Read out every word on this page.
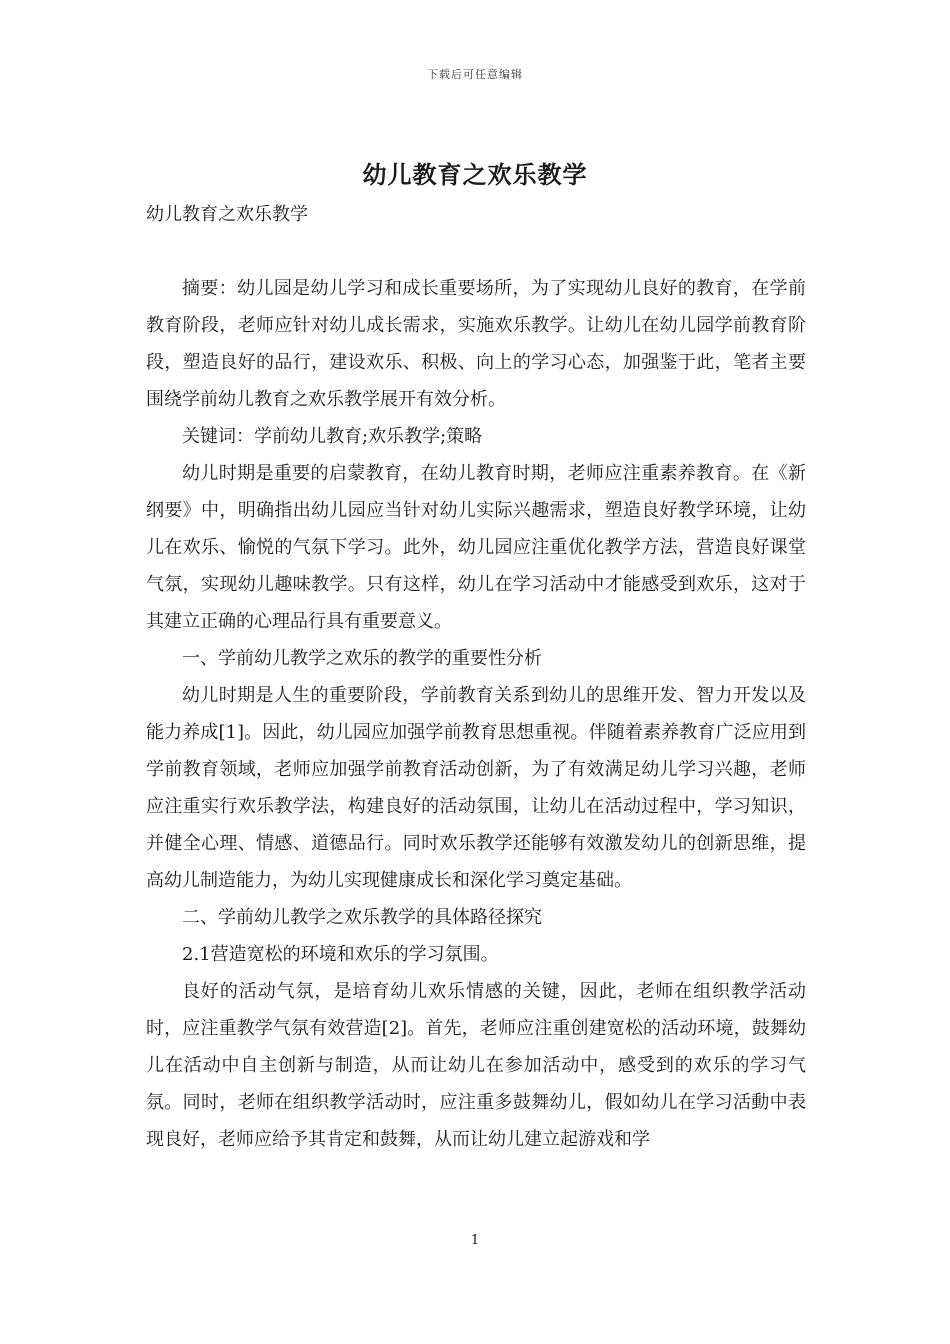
下载后可任意编辑
幼儿教育之欢乐教学
幼儿教育之欢乐教学

摘要：幼儿园是幼儿学习和成长重要场所，为了实现幼儿良好的教育，在学前教育阶段，老师应针对幼儿成长需求，实施欢乐教学。让幼儿在幼儿园学前教育阶段，塑造良好的品行，建设欢乐、积极、向上的学习心态，加强鉴于此，笔者主要围绕学前幼儿教育之欢乐教学展开有效分析。

关键词：学前幼儿教育;欢乐教学;策略

幼儿时期是重要的启蒙教育，在幼儿教育时期，老师应注重素养教育。在《新纲要》中，明确指出幼儿园应当针对幼儿实际兴趣需求，塑造良好教学环境，让幼儿在欢乐、愉悦的气氛下学习。此外，幼儿园应注重优化教学方法，营造良好课堂气氛，实现幼儿趣味教学。只有这样，幼儿在学习活动中才能感受到欢乐，这对于其建立正确的心理品行具有重要意义。

一、学前幼儿教学之欢乐的教学的重要性分析

幼儿时期是人生的重要阶段，学前教育关系到幼儿的思维开发、智力开发以及能力养成[1]。因此，幼儿园应加强学前教育思想重视。伴随着素养教育广泛应用到学前教育领域，老师应加强学前教育活动创新，为了有效满足幼儿学习兴趣，老师应注重实行欢乐教学法，构建良好的活动氛围，让幼儿在活动过程中，学习知识，并健全心理、情感、道德品行。同时欢乐教学还能够有效激发幼儿的创新思维，提高幼儿制造能力，为幼儿实现健康成长和深化学习奠定基础。

二、学前幼儿教学之欢乐教学的具体路径探究

2.1营造宽松的环境和欢乐的学习氛围。

良好的活动气氛，是培育幼儿欢乐情感的关键，因此，老师在组织教学活动时，应注重教学气氛有效营造[2]。首先，老师应注重创建宽松的活动环境，鼓舞幼儿在活动中自主创新与制造，从而让幼儿在参加活动中，感受到的欢乐的学习气氛。同时，老师在组织教学活动时，应注重多鼓舞幼儿，假如幼儿在学习活動中表现良好，老师应给予其肯定和鼓舞，从而让幼儿建立起游戏和学

1
